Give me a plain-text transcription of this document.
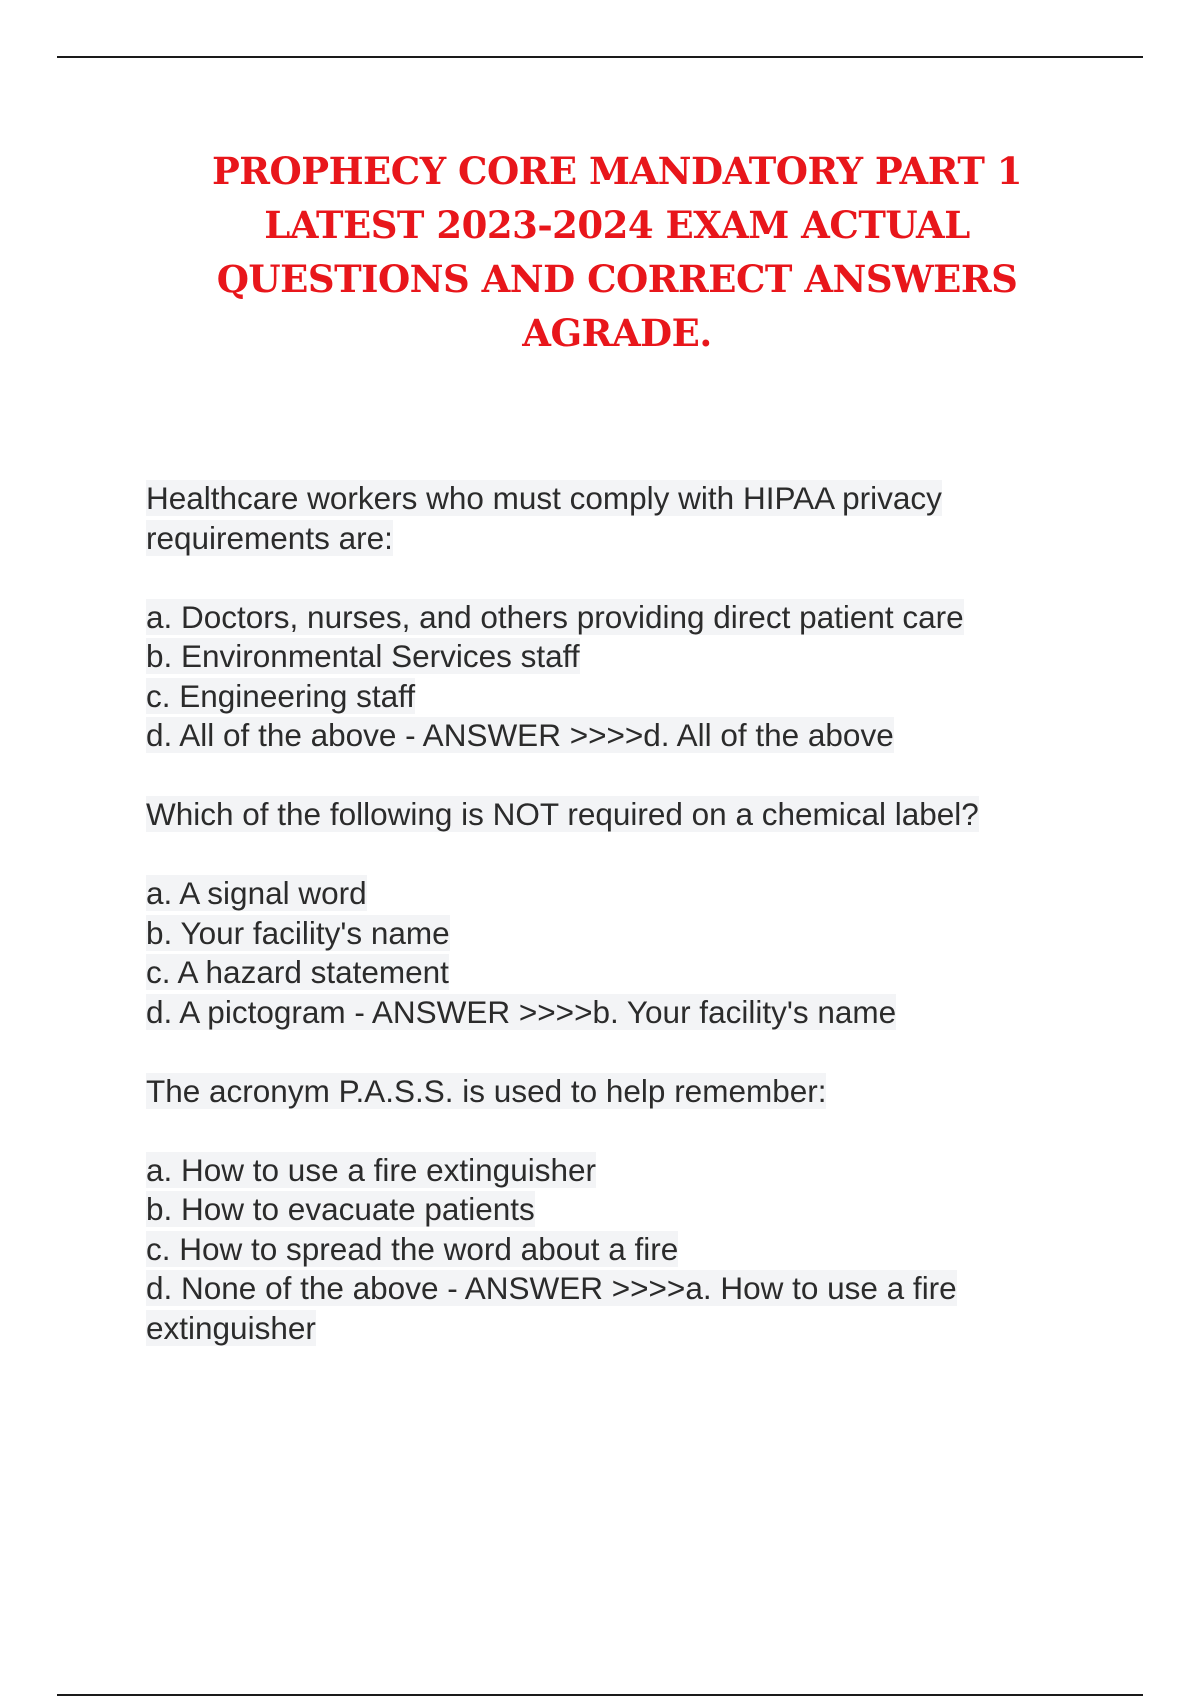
PROPHECY CORE MANDATORY PART 1
LATEST 2023-2024 EXAM ACTUAL
QUESTIONS AND CORRECT ANSWERS
AGRADE.
Healthcare workers who must comply with HIPAA privacy
requirements are:
a. Doctors, nurses, and others providing direct patient care
b. Environmental Services staff
c. Engineering staff
d. All of the above - ANSWER >>>>d. All of the above
Which of the following is NOT required on a chemical label?
a. A signal word
b. Your facility's name
c. A hazard statement
d. A pictogram - ANSWER >>>>b. Your facility's name
The acronym P.A.S.S. is used to help remember:
a. How to use a fire extinguisher
b. How to evacuate patients
c. How to spread the word about a fire
d. None of the above - ANSWER >>>>a. How to use a fire
extinguisher
